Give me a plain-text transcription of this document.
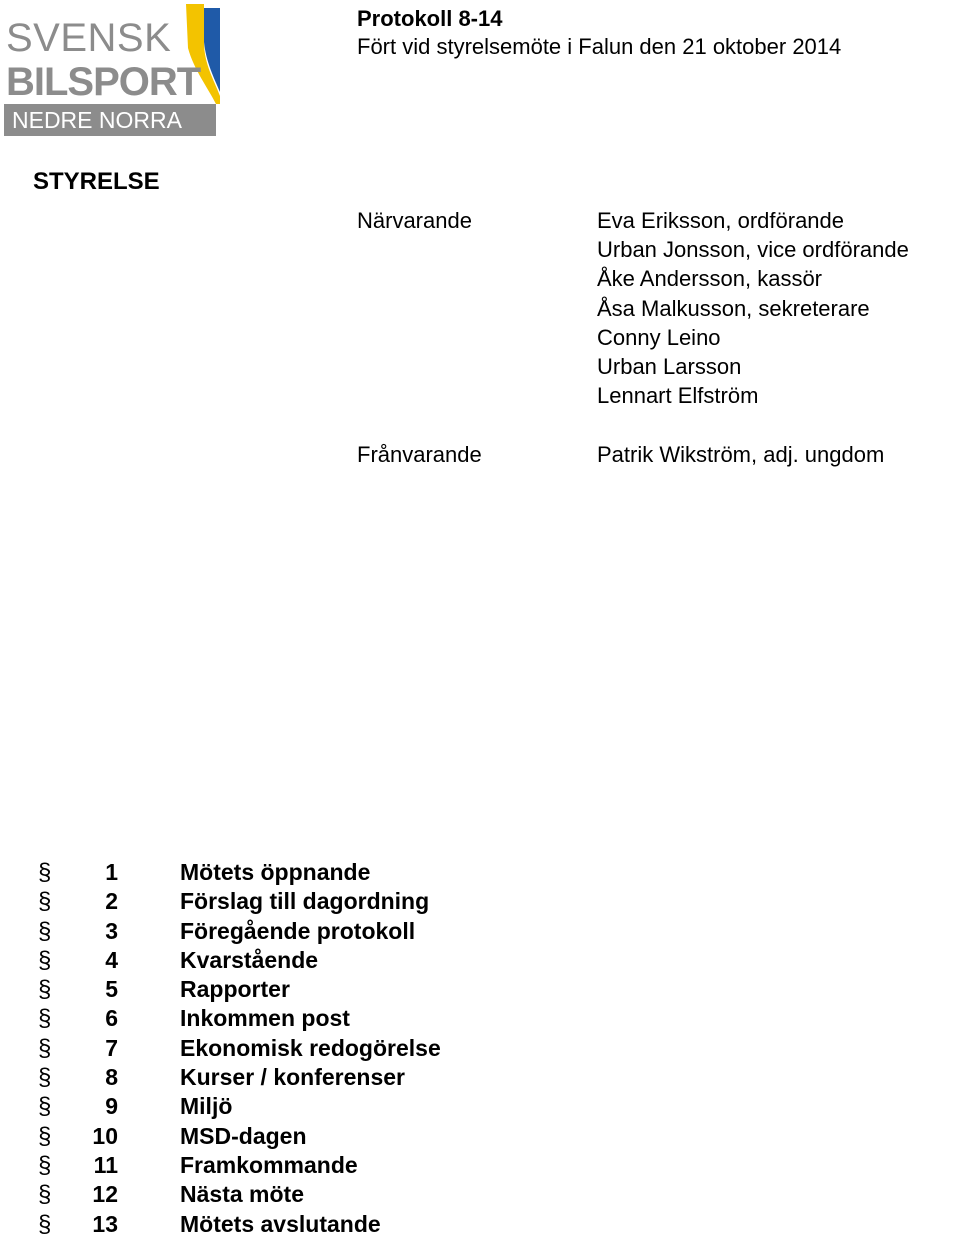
SVENSK
BILSPORT
NEDRE NORRA
Protokoll 8-14
Fört vid styrelsemöte i Falun den 21 oktober 2014
STYRELSE
Närvarande	Eva Eriksson, ordförande
Urban Jonsson, vice ordförande
Åke Andersson, kassör
Åsa Malkusson, sekreterare
Conny Leino
Urban Larsson
Lennart Elfström
Frånvarande	Patrik Wikström, adj. ungdom
§	1	Mötets öppnande
§	2	Förslag till dagordning
§	3	Föregående protokoll
§	4	Kvarstående
§	5	Rapporter
§	6	Inkommen post
§	7	Ekonomisk redogörelse
§	8	Kurser / konferenser
§	9	Miljö
§	10	MSD-dagen
§	11	Framkommande
§	12	Nästa möte
§	13	Mötets avslutande
